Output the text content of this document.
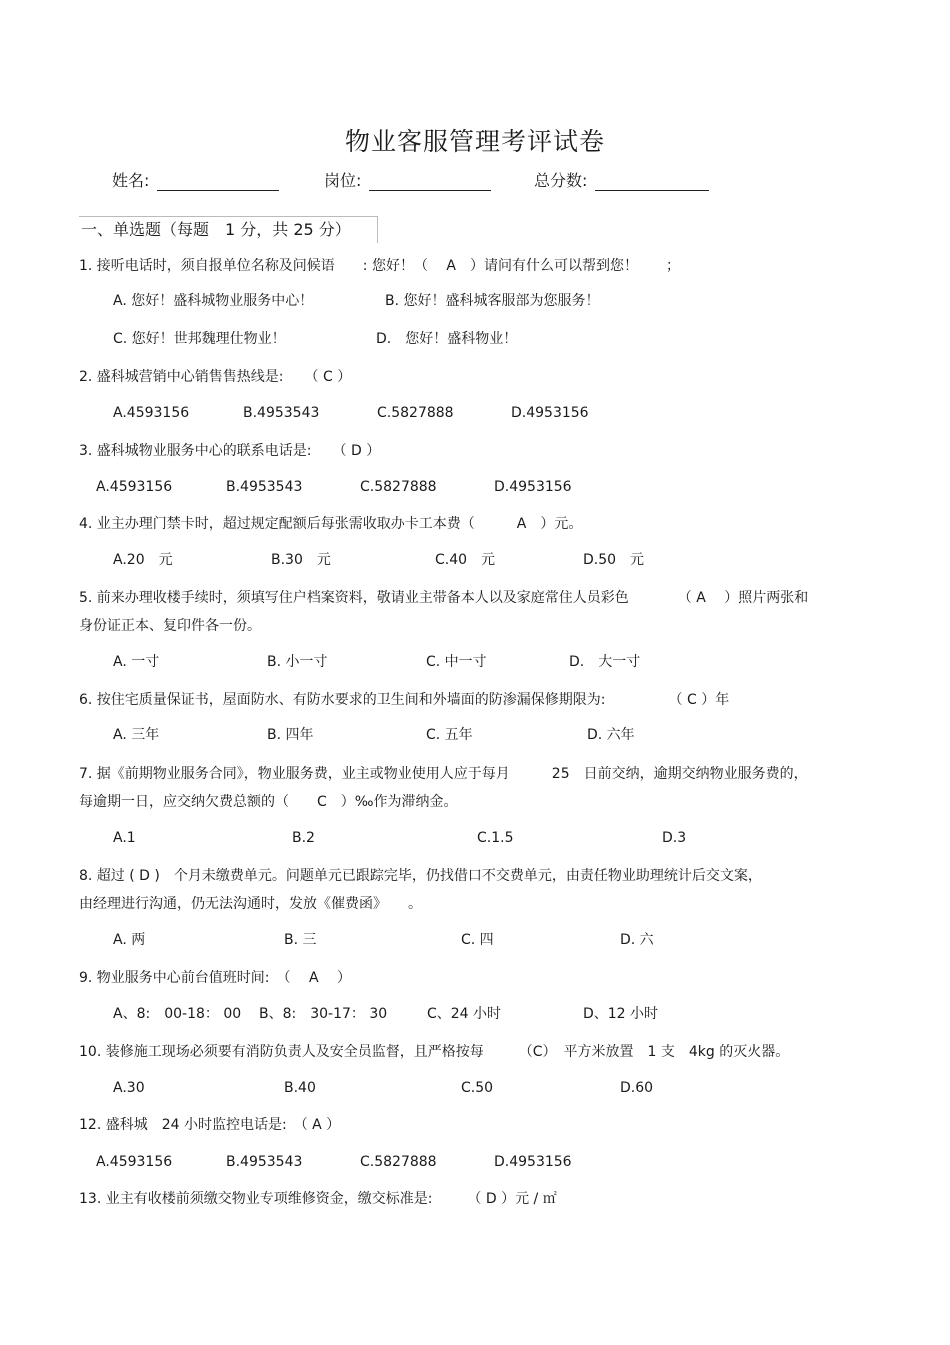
物业客服管理考评试卷
姓名:	岗位:	总分数:
一、单选题（每题　1 分，共 25 分）
1. 接听电话时，须自报单位名称及问候语　　: 您好！（　 A　）请问有什么可以帮到您！　　；
A. 您好！盛科城物业服务中心！	B. 您好！盛科城客服部为您服务！
C. 您好！世邦魏理仕物业！	D.　您好！盛科物业！
2. 盛科城营销中心销售售热线是:　　（ C ）
A.4593156	B.4953543	C.5827888	D.4953156
3. 盛科城物业服务中心的联系电话是:　　（ D ）
A.4593156	B.4953543	C.5827888	D.4953156
4. 业主办理门禁卡时，超过规定配额后每张需收取办卡工本费（　　　A　）元。
A.20　元	B.30　元	C.40　元	D.50　元
5. 前来办理收楼手续时，须填写住户档案资料，敬请业主带备本人以及家庭常住人员彩色　　　　（ A　 ）照片两张和
身份证正本、复印件各一份。
A. 一寸	B. 小一寸	C. 中一寸	D.　大一寸
6. 按住宅质量保证书，屋面防水、有防水要求的卫生间和外墙面的防渗漏保修期限为:　　　　　（ C ）年
A. 三年	B. 四年	C. 五年	D. 六年
7. 据《前期物业服务合同》，物业服务费，业主或物业使用人应于每月　　　25　日前交纳，逾期交纳物业服务费的，
每逾期一日，应交纳欠费总额的（　　C　）‰作为滞纳金。
A.1	B.2	C.1.5	D.3
8. 超过 ( D )　个月未缴费单元。问题单元已跟踪完毕，仍找借口不交费单元，由责任物业助理统计后交文案，
由经理进行沟通，仍无法沟通时，发放《催费函》　　。
A. 两	B. 三	C. 四	D. 六
9. 物业服务中心前台值班时间:　（　 A　 ）
A、8:　00-18： 00 B、8:　30-17： 30	C、24 小时	D、12 小时
10. 装修施工现场必须要有消防负责人及安全员监督，且严格按每　　　（C）　平方米放置　1 支　4kg 的灭火器。
A.30	B.40	C.50	D.60
12. 盛科城　24 小时监控电话是:　（ A ）
A.4593156	B.4953543	C.5827888	D.4953156
13. 业主有收楼前须缴交物业专项维修资金，缴交标准是:　　　（ D ）元 / ㎡
